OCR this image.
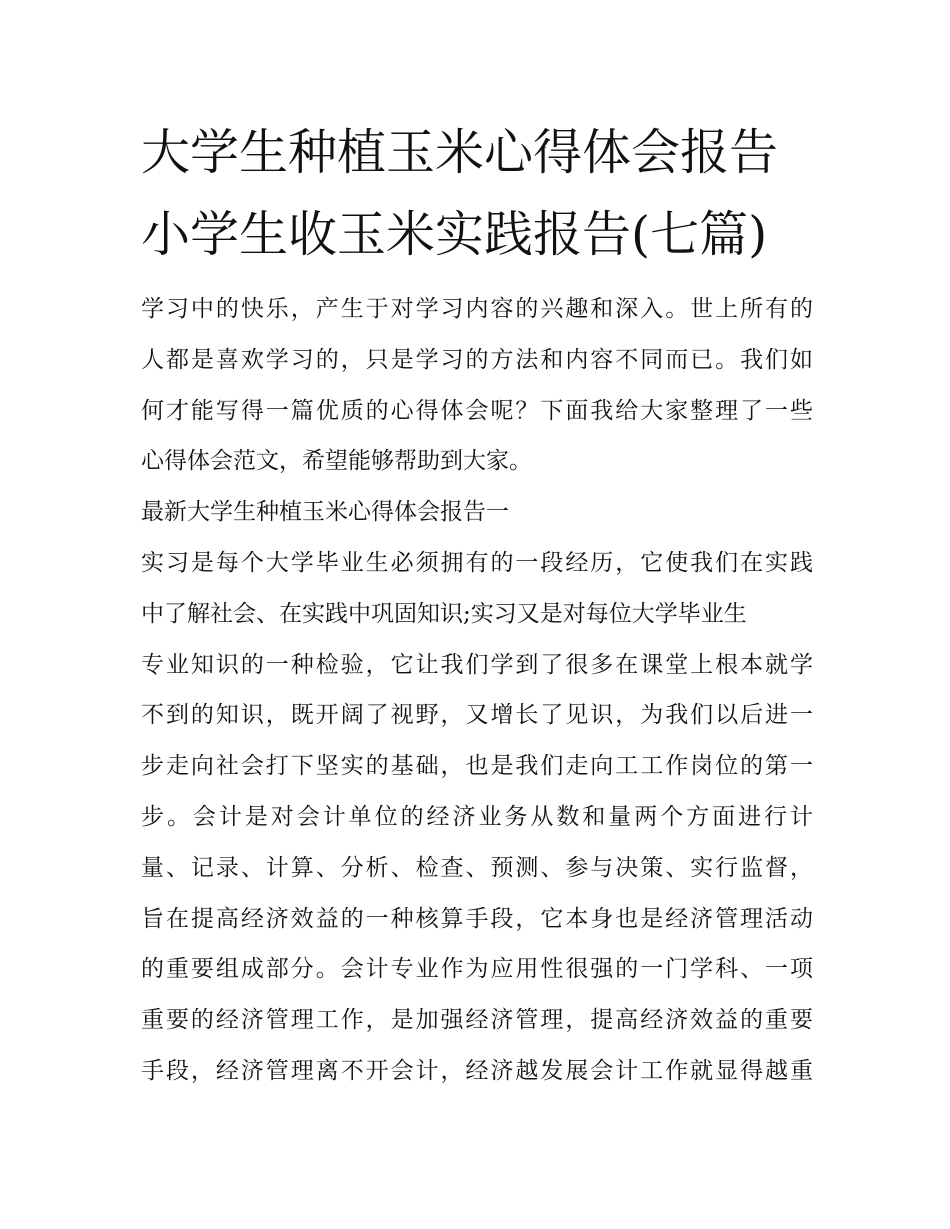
大学生种植玉米心得体会报告
小学生收玉米实践报告(七篇)
学习中的快乐，产生于对学习内容的兴趣和深入。世上所有的
人都是喜欢学习的，只是学习的方法和内容不同而已。我们如
何才能写得一篇优质的心得体会呢？下面我给大家整理了一些
心得体会范文，希望能够帮助到大家。
最新大学生种植玉米心得体会报告一
实习是每个大学毕业生必须拥有的一段经历，它使我们在实践
中了解社会、在实践中巩固知识;实习又是对每位大学毕业生
专业知识的一种检验，它让我们学到了很多在课堂上根本就学
不到的知识，既开阔了视野，又增长了见识，为我们以后进一
步走向社会打下坚实的基础，也是我们走向工工作岗位的第一
步。会计是对会计单位的经济业务从数和量两个方面进行计
量、记录、计算、分析、检查、预测、参与决策、实行监督，
旨在提高经济效益的一种核算手段，它本身也是经济管理活动
的重要组成部分。会计专业作为应用性很强的一门学科、一项
重要的经济管理工作，是加强经济管理，提高经济效益的重要
手段，经济管理离不开会计，经济越发展会计工作就显得越重
